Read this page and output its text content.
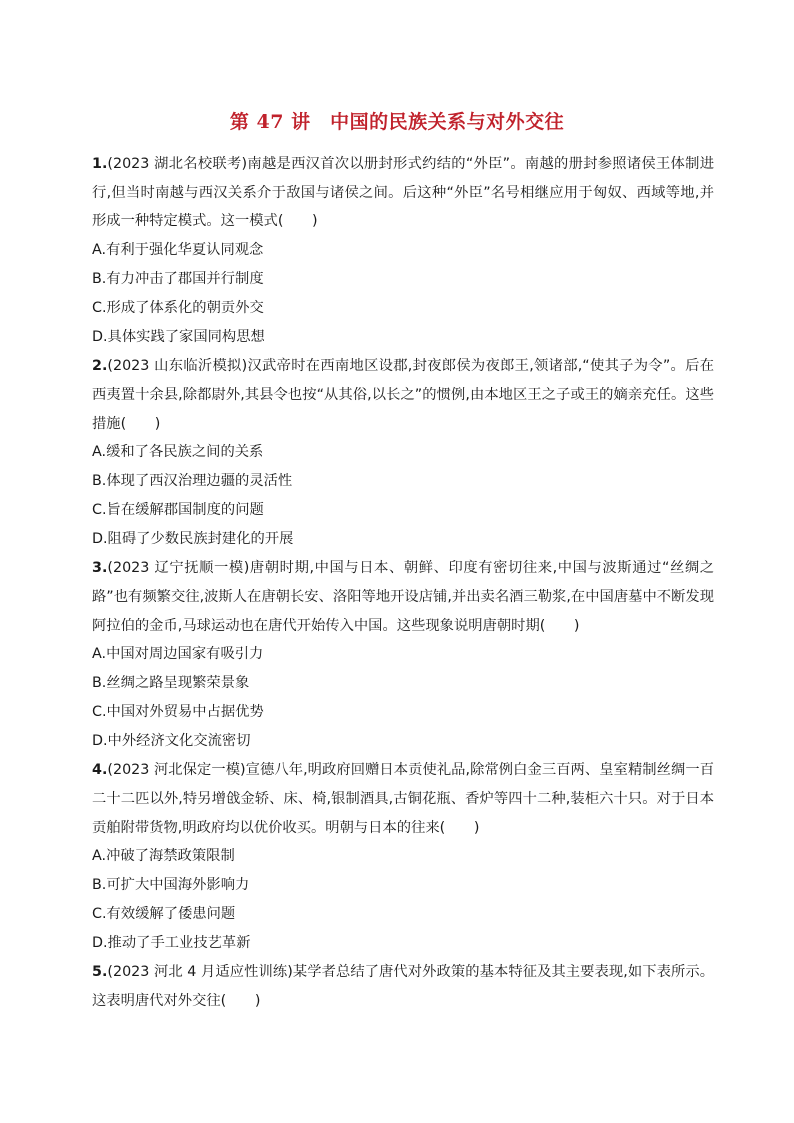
第 47 讲　中国的民族关系与对外交往
1.(2023 湖北名校联考)南越是西汉首次以册封形式约结的“外臣”。南越的册封参照诸侯王体制进行,但当时南越与西汉关系介于敌国与诸侯之间。后这种“外臣”名号相继应用于匈奴、西域等地,并形成一种特定模式。这一模式(　　)
A.有利于强化华夏认同观念
B.有力冲击了郡国并行制度
C.形成了体系化的朝贡外交
D.具体实践了家国同构思想
2.(2023 山东临沂模拟)汉武帝时在西南地区设郡,封夜郎侯为夜郎王,领诸部,“使其子为令”。后在西夷置十余县,除都尉外,其县令也按“从其俗,以长之”的惯例,由本地区王之子或王的嫡亲充任。这些措施(　　)
A.缓和了各民族之间的关系
B.体现了西汉治理边疆的灵活性
C.旨在缓解郡国制度的问题
D.阻碍了少数民族封建化的开展
3.(2023 辽宁抚顺一模)唐朝时期,中国与日本、朝鲜、印度有密切往来,中国与波斯通过“丝绸之路”也有频繁交往,波斯人在唐朝长安、洛阳等地开设店铺,并出卖名酒三勒浆,在中国唐墓中不断发现阿拉伯的金币,马球运动也在唐代开始传入中国。这些现象说明唐朝时期(　　)
A.中国对周边国家有吸引力
B.丝绸之路呈现繁荣景象
C.中国对外贸易中占据优势
D.中外经济文化交流密切
4.(2023 河北保定一模)宣德八年,明政府回赠日本贡使礼品,除常例白金三百两、皇室精制丝绸一百二十二匹以外,特另增戗金轿、床、椅,银制酒具,古铜花瓶、香炉等四十二种,装柜六十只。对于日本贡舶附带货物,明政府均以优价收买。明朝与日本的往来(　　)
A.冲破了海禁政策限制
B.可扩大中国海外影响力
C.有效缓解了倭患问题
D.推动了手工业技艺革新
5.(2023 河北 4 月适应性训练)某学者总结了唐代对外政策的基本特征及其主要表现,如下表所示。这表明唐代对外交往(　　)
